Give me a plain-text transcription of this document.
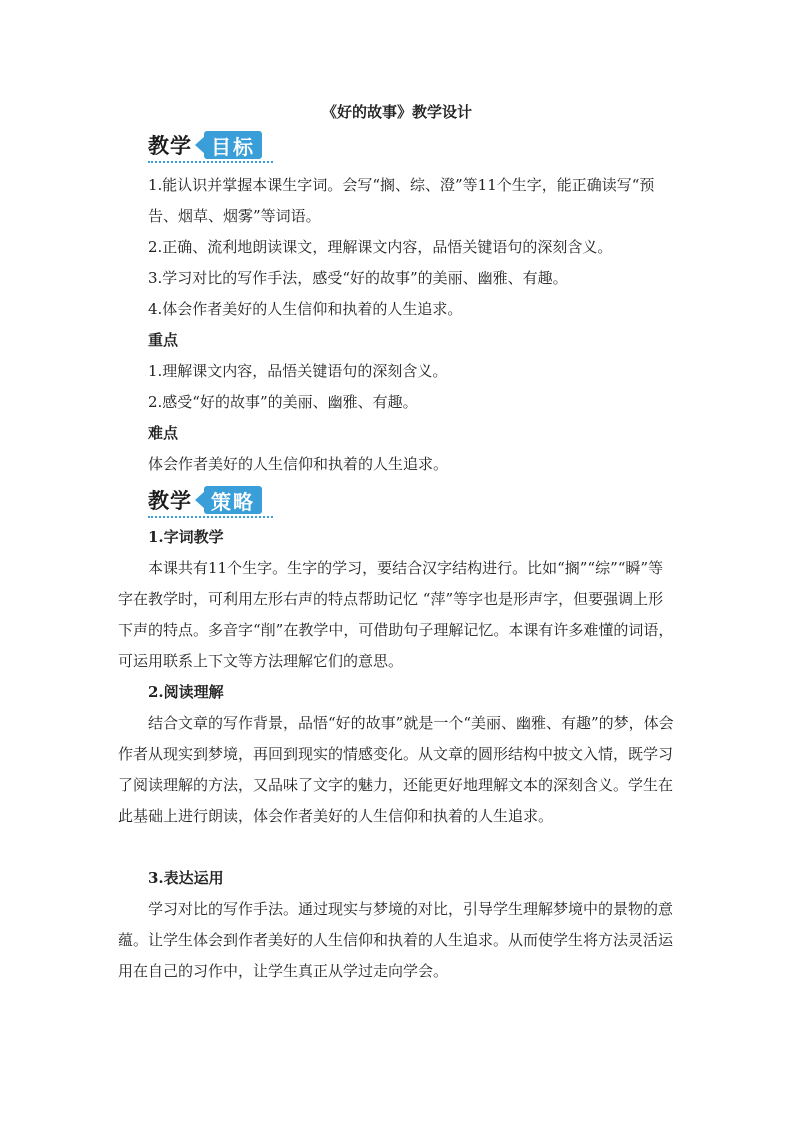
《好的故事》教学设计
教学 目标

1.能认识并掌握本课生字词。会写“搁、综、澄”等11个生字，能正确读写“预告、烟草、烟雾”等词语。

2.正确、流利地朗读课文，理解课文内容，品悟关键语句的深刻含义。

3.学习对比的写作手法，感受“好的故事”的美丽、幽雅、有趣。

4.体会作者美好的人生信仰和执着的人生追求。

重点

1.理解课文内容，品悟关键语句的深刻含义。

2.感受“好的故事”的美丽、幽雅、有趣。

难点

体会作者美好的人生信仰和执着的人生追求。

教学 策略

1.字词教学

本课共有11个生字。生字的学习，要结合汉字结构进行。比如“搁”“综”“瞬”等字在教学时，可利用左形右声的特点帮助记忆 “萍”等字也是形声字，但要强调上形下声的特点。多音字“削”在教学中，可借助句子理解记忆。本课有许多难懂的词语，可运用联系上下文等方法理解它们的意思。

2.阅读理解

结合文章的写作背景，品悟“好的故事”就是一个“美丽、幽雅、有趣”的梦，体会作者从现实到梦境，再回到现实的情感变化。从文章的圆形结构中披文入情，既学习了阅读理解的方法，又品味了文字的魅力，还能更好地理解文本的深刻含义。学生在此基础上进行朗读，体会作者美好的人生信仰和执着的人生追求。

3.表达运用

学习对比的写作手法。通过现实与梦境的对比，引导学生理解梦境中的景物的意蕴。让学生体会到作者美好的人生信仰和执着的人生追求。从而使学生将方法灵活运用在自己的习作中，让学生真正从学过走向学会。
